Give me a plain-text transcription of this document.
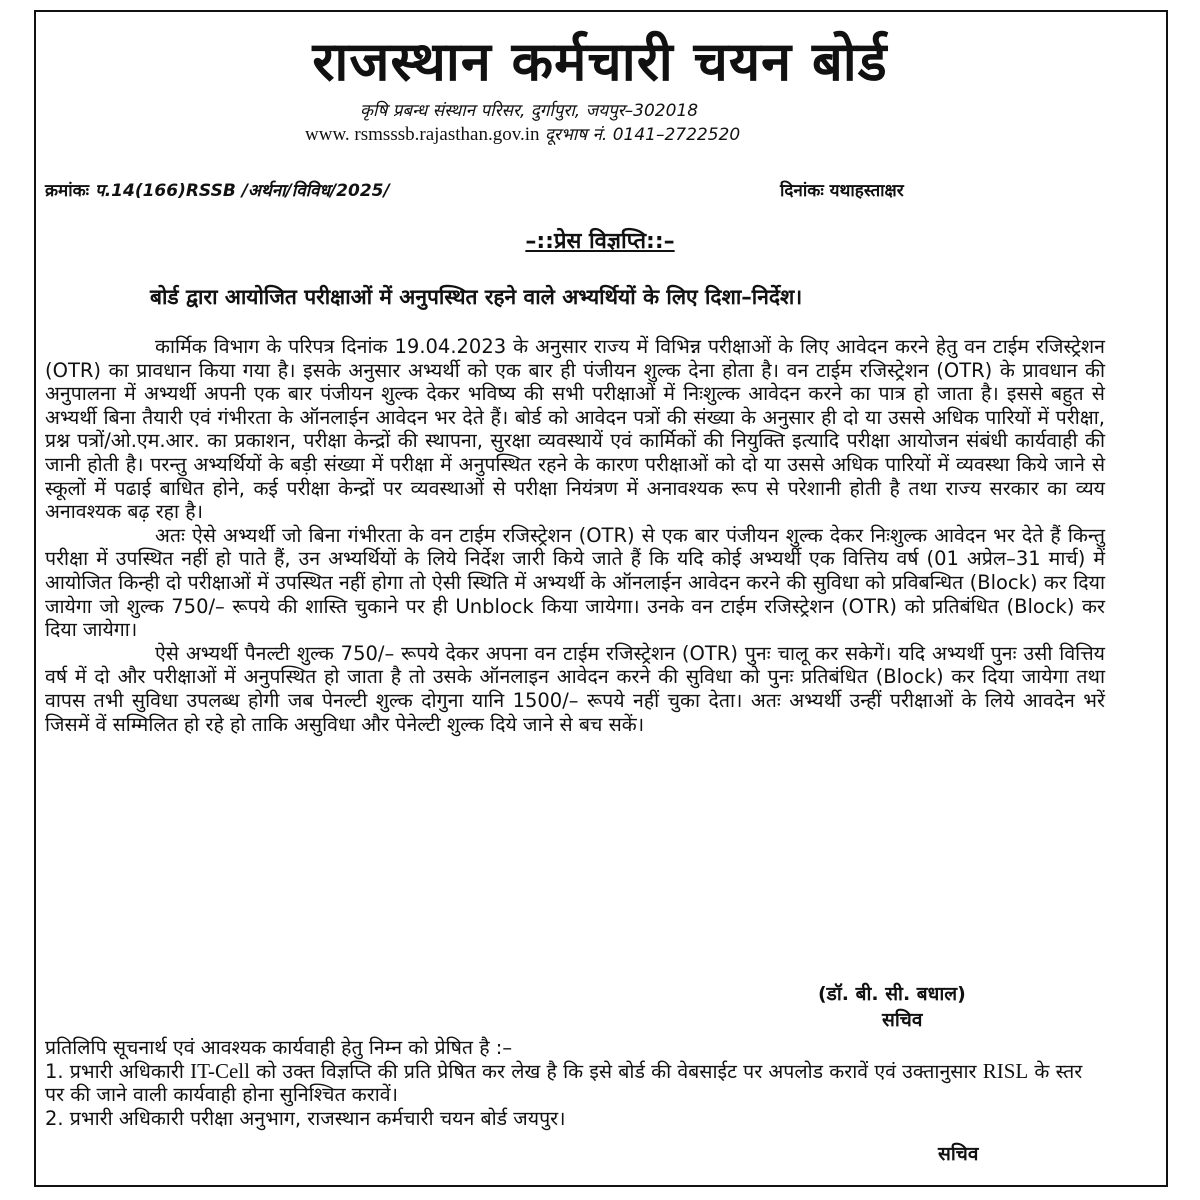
राजस्थान कर्मचारी चयन बोर्ड
कृषि प्रबन्ध संस्थान परिसर, दुर्गापुरा, जयपुर–302018
www. rsmsssb.rajasthan.gov.in दूरभाष नं. 0141–2722520
क्रमांकः प.14(166)RSSB /अर्थना/विविध/2025/	दिनांकः यथाहस्ताक्षर
–::प्रेस विज्ञप्ति::–
बोर्ड द्वारा आयोजित परीक्षाओं में अनुपस्थित रहने वाले अभ्यर्थियों के लिए दिशा–निर्देश।

कार्मिक विभाग के परिपत्र दिनांक 19.04.2023 के अनुसार राज्य में विभिन्न परीक्षाओं के लिए आवेदन करने हेतु वन टाईम रजिस्ट्रेशन (OTR) का प्रावधान किया गया है। इसके अनुसार अभ्यर्थी को एक बार ही पंजीयन शुल्क देना होता है। वन टाईम रजिस्ट्रेशन (OTR) के प्रावधान की अनुपालना में अभ्यर्थी अपनी एक बार पंजीयन शुल्क देकर भविष्य की सभी परीक्षाओं में निःशुल्क आवेदन करने का पात्र हो जाता है। इससे बहुत से अभ्यर्थी बिना तैयारी एवं गंभीरता के ऑनलाईन आवेदन भर देते हैं। बोर्ड को आवेदन पत्रों की संख्या के अनुसार ही दो या उससे अधिक पारियों में परीक्षा, प्रश्न पत्रों/ओ.एम.आर. का प्रकाशन, परीक्षा केन्द्रों की स्थापना, सुरक्षा व्यवस्थायें एवं कार्मिकों की नियुक्ति इत्यादि परीक्षा आयोजन संबंधी कार्यवाही की जानी होती है। परन्तु अभ्यर्थियों के बड़ी संख्या में परीक्षा में अनुपस्थित रहने के कारण परीक्षाओं को दो या उससे अधिक पारियों में व्यवस्था किये जाने से स्कूलों में पढाई बाधित होने, कई परीक्षा केन्द्रों पर व्यवस्थाओं से परीक्षा नियंत्रण में अनावश्यक रूप से परेशानी होती है तथा राज्य सरकार का व्यय अनावश्यक बढ़ रहा है।

अतः ऐसे अभ्यर्थी जो बिना गंभीरता के वन टाईम रजिस्ट्रेशन (OTR) से एक बार पंजीयन शुल्क देकर निःशुल्क आवेदन भर देते हैं किन्तु परीक्षा में उपस्थित नहीं हो पाते हैं, उन अभ्यर्थियों के लिये निर्देश जारी किये जाते हैं कि यदि कोई अभ्यर्थी एक वित्तिय वर्ष (01 अप्रेल–31 मार्च) में आयोजित किन्ही दो परीक्षाओं में उपस्थित नहीं होगा तो ऐसी स्थिति में अभ्यर्थी के ऑनलाईन आवेदन करने की सुविधा को प्रविबन्धित (Block) कर दिया जायेगा जो शुल्क 750/– रूपये की शास्ति चुकाने पर ही Unblock किया जायेगा। उनके वन टाईम रजिस्ट्रेशन (OTR) को प्रतिबंधित (Block) कर दिया जायेगा।

ऐसे अभ्यर्थी पैनल्टी शुल्क 750/– रूपये देकर अपना वन टाईम रजिस्ट्रेशन (OTR) पुनः चालू कर सकेगें। यदि अभ्यर्थी पुनः उसी वित्तिय वर्ष में दो और परीक्षाओं में अनुपस्थित हो जाता है तो उसके ऑनलाइन आवेदन करने की सुविधा को पुनः प्रतिबंधित (Block) कर दिया जायेगा तथा वापस तभी सुविधा उपलब्ध होगी जब पेनल्टी शुल्क दोगुना यानि 1500/– रूपये नहीं चुका देता। अतः अभ्यर्थी उन्हीं परीक्षाओं के लिये आवदेन भरें जिसमें वें सम्मिलित हो रहे हो ताकि असुविधा और पेनेल्टी शुल्क दिये जाने से बच सकें।

(डॉ. बी. सी. बधाल)
सचिव
प्रतिलिपि सूचनार्थ एवं आवश्यक कार्यवाही हेतु निम्न को प्रेषित है :–
1. प्रभारी अधिकारी IT-Cell को उक्त विज्ञप्ति की प्रति प्रेषित कर लेख है कि इसे बोर्ड की वेबसाईट पर अपलोड करावें एवं उक्तानुसार RISL के स्तर पर की जाने वाली कार्यवाही होना सुनिश्चित करावें।
2. प्रभारी अधिकारी परीक्षा अनुभाग, राजस्थान कर्मचारी चयन बोर्ड जयपुर।
सचिव
